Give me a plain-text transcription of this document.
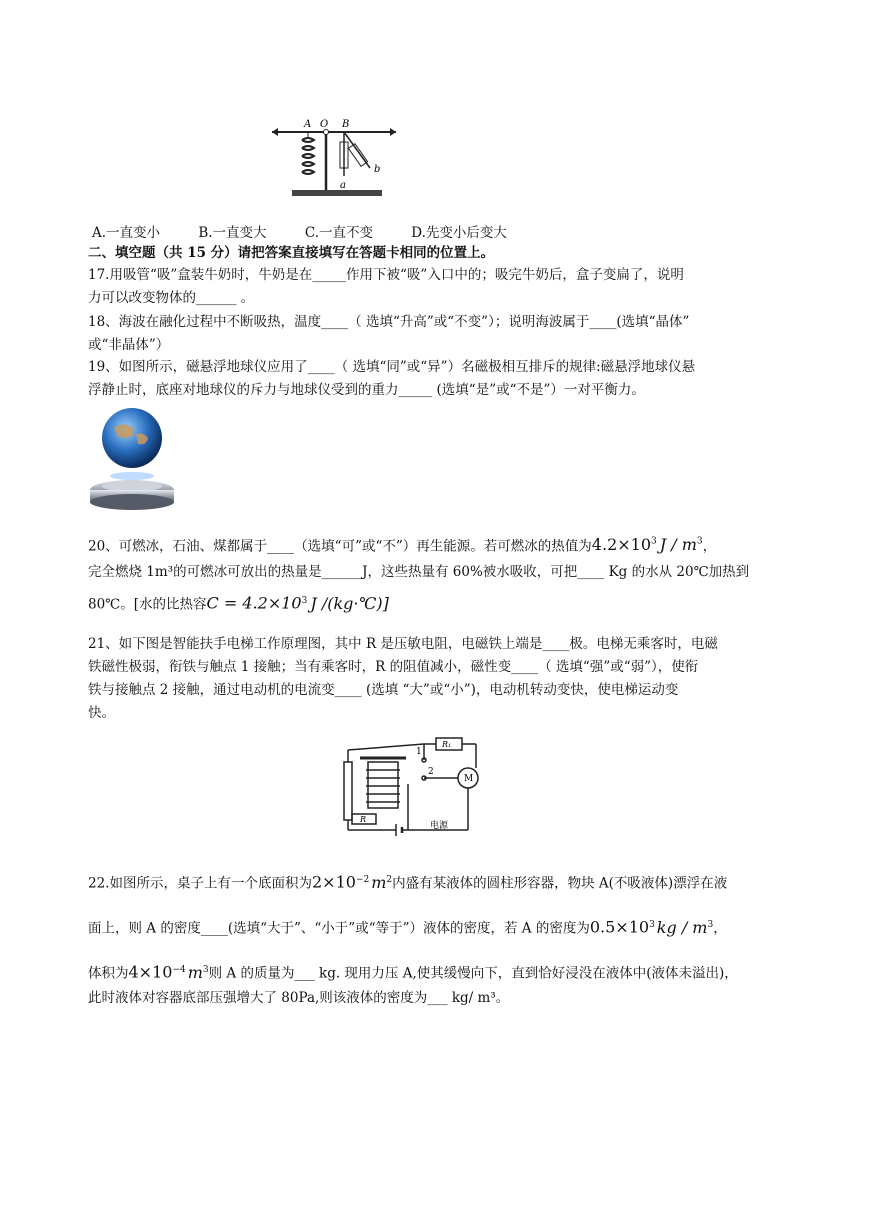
A O B
b
a
A.一直变小	B.一直变大	C.一直不变	D.先变小后变大
二、填空题（共 15 分）请把答案直接填写在答题卡相同的位置上。
17.用吸管“吸”盒装牛奶时，牛奶是在_____作用下被“吸”入口中的；吸完牛奶后，盒子变扁了，说明
力可以改变物体的______ 。
18、海波在融化过程中不断吸热，温度____（ 选填“升高”或“不变”）；说明海波属于____(选填“晶体”
或“非晶体”）
19、如图所示，磁悬浮地球仪应用了____（ 选填“同”或“异”）名磁极相互排斥的规律:磁悬浮地球仪悬
浮静止时，底座对地球仪的斥力与地球仪受到的重力_____ (选填“是”或“不是”）一对平衡力。
20、可燃冰，石油、煤都属于____（选填“可”或“不”）再生能源。若可燃冰的热值为$4.2\times 10^3$ J / $m^3$，
完全燃烧 1m³的可燃冰可放出的热量是______J，这些热量有 60%被水吸收，可把____ Kg 的水从 20℃加热到
80℃。[水的比热容$C = 4.2\times 10^3$ J /(kg·℃)]
21、如下图是智能扶手电梯工作原理图，其中 R 是压敏电阻，电磁铁上端是____极。电梯无乘客时，电磁
铁磁性极弱，衔铁与触点 1 接触；当有乘客时，R 的阻值减小，磁性变____（ 选填“强”或“弱”），使衔
铁与接触点 2 接触，通过电动机的电流变____ (选填 “大”或“小”)，电动机转动变快，使电梯运动变
快。
1
2
R₁
R
M
电源
22.如图所示，桌子上有一个底面积为$2\times 10^{-2}$ $m^2$内盛有某液体的圆柱形容器，物块 A(不吸液体)漂浮在液
面上，则 A 的密度____(选填“大于”、“小于”或“等于”）液体的密度，若 A 的密度为$0.5\times 10^3$ kg / $m^3$，
体积为$4\times 10^{-4}$ $m^3$则 A 的质量为___ kg. 现用力压 A,使其缓慢向下，直到恰好浸没在液体中(液体未溢出)，
此时液体对容器底部压强增大了 80Pa,则该液体的密度为___ kg/ m³。
